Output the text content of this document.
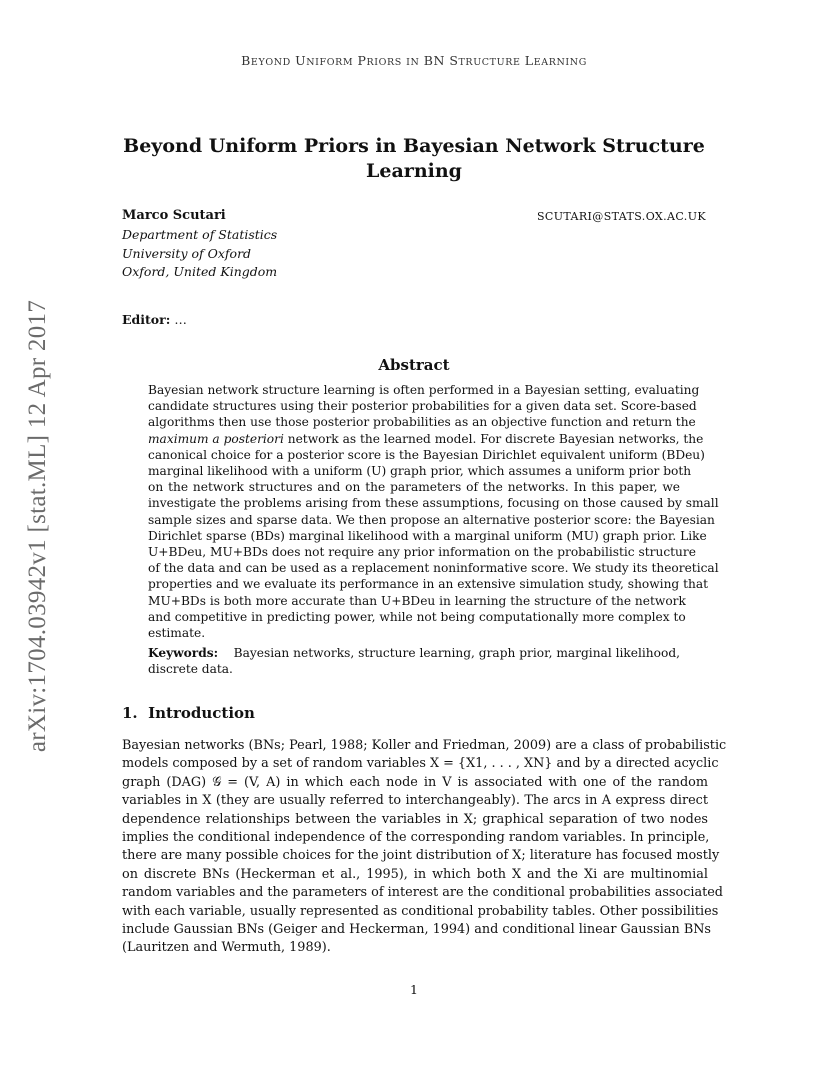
BEYOND UNIFORM PRIORS IN BN STRUCTURE LEARNING
Beyond Uniform Priors in Bayesian Network Structure Learning
Marco Scutari	SCUTARI@STATS.OX.AC.UK
Department of Statistics
University of Oxford
Oxford, United Kingdom
Editor: …
Abstract
Bayesian network structure learning is often performed in a Bayesian setting, evaluating
candidate structures using their posterior probabilities for a given data set. Score-based
algorithms then use those posterior probabilities as an objective function and return the
maximum a posteriori network as the learned model. For discrete Bayesian networks, the
canonical choice for a posterior score is the Bayesian Dirichlet equivalent uniform (BDeu)
marginal likelihood with a uniform (U) graph prior, which assumes a uniform prior both
on the network structures and on the parameters of the networks. In this paper, we
investigate the problems arising from these assumptions, focusing on those caused by small
sample sizes and sparse data. We then propose an alternative posterior score: the Bayesian
Dirichlet sparse (BDs) marginal likelihood with a marginal uniform (MU) graph prior. Like
U+BDeu, MU+BDs does not require any prior information on the probabilistic structure
of the data and can be used as a replacement noninformative score. We study its theoretical
properties and we evaluate its performance in an extensive simulation study, showing that
MU+BDs is both more accurate than U+BDeu in learning the structure of the network
and competitive in predicting power, while not being computationally more complex to
estimate.
Keywords: Bayesian networks, structure learning, graph prior, marginal likelihood, discrete data.
1. Introduction
Bayesian networks (BNs; Pearl, 1988; Koller and Friedman, 2009) are a class of probabilistic
models composed by a set of random variables X = {X1, . . . , XN} and by a directed acyclic
graph (DAG) 𝒢 = (V, A) in which each node in V is associated with one of the random
variables in X (they are usually referred to interchangeably). The arcs in A express direct
dependence relationships between the variables in X; graphical separation of two nodes
implies the conditional independence of the corresponding random variables. In principle,
there are many possible choices for the joint distribution of X; literature has focused mostly
on discrete BNs (Heckerman et al., 1995), in which both X and the Xi are multinomial
random variables and the parameters of interest are the conditional probabilities associated
with each variable, usually represented as conditional probability tables. Other possibilities
include Gaussian BNs (Geiger and Heckerman, 1994) and conditional linear Gaussian BNs
(Lauritzen and Wermuth, 1989).
1
arXiv:1704.03942v1 [stat.ML] 12 Apr 2017
